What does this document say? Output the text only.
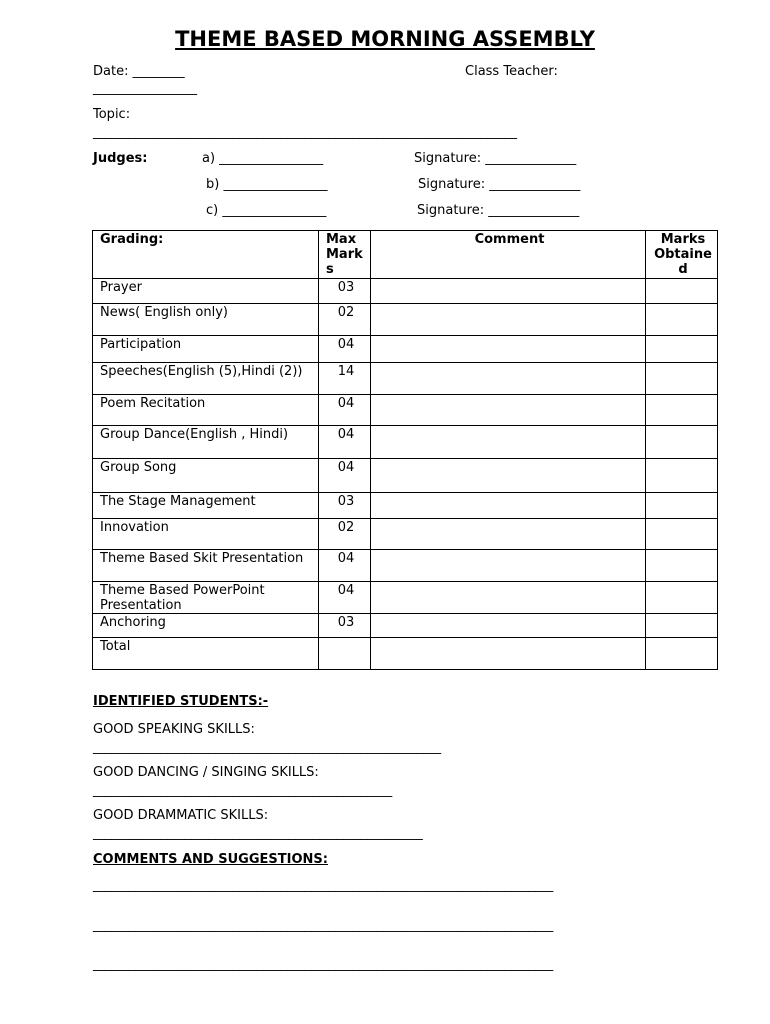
THEME BASED MORNING ASSEMBLY
Date: ________	Class Teacher:
________________
Topic:
______________________________________________________________________
Judges:	a) ________________	Signature: ______________
b) ________________	Signature: ______________
c) ________________	Signature: ______________
Grading:	Max Marks	Comment	Marks Obtained
Prayer	03		
News( English only)	02		
Participation	04		
Speeches(English (5),Hindi (2))	14		
Poem Recitation	04		
Group Dance(English , Hindi)	04		
Group Song	04		
The Stage Management	03		
Innovation	02		
Theme Based Skit Presentation	04		
Theme Based PowerPoint Presentation	04		
Anchoring	03		
Total			
IDENTIFIED STUDENTS:-
GOOD SPEAKING SKILLS:
_________________________________________________________
GOOD DANCING / SINGING SKILLS:
_________________________________________________
GOOD DRAMMATIC SKILLS:
______________________________________________________
COMMENTS AND SUGGESTIONS:
____________________________________________________________________________
____________________________________________________________________________
____________________________________________________________________________
